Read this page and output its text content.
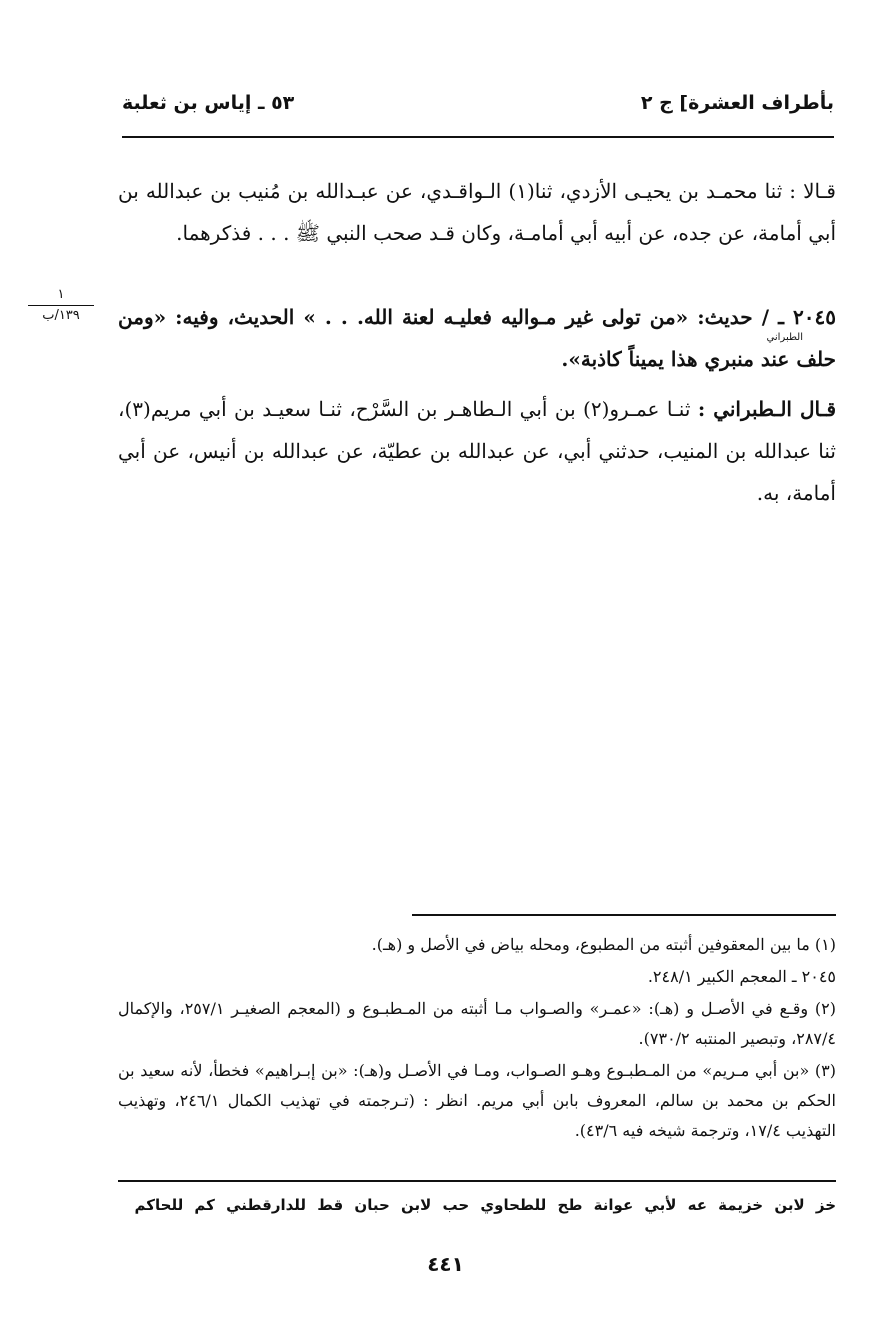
بأطراف العشرة] ج ٢
٥٣ ـ إياس بن ثعلبة
قـالا : ثنا محمـد بن يحيـى الأزدي، ثنا(١) الـواقـدي، عن عبـدالله بن مُنيب بن عبدالله بن أبي أمامة، عن جده، عن أبيه أبي أمامـة، وكان قـد صحب النبي ﷺ . . . فذكرهما.
٢٠٤٥ ـ / حديث: «من تولى غير مـواليه فعليـه لعنة الله. . . » الحديث، وفيه: «ومن حلف عند منبري هذا يميناً كاذبة».
الطبراني
١
١٣٩/ب
قـال الـطبراني : ثنـا عمـرو(٢) بن أبي الـطاهـر بن السَّرْح، ثنـا سعيـد بن أبي مريم(٣)، ثنا عبدالله بن المنيب، حدثني أبي، عن عبدالله بن عطيّة، عن عبدالله بن أنيس، عن أبي أمامة، به.

(١) ما بين المعقوفين أثبته من المطبوع، ومحله بياض في الأصل و (هـ).

٢٠٤٥ ـ المعجم الكبير ٢٤٨/١.

(٢) وقـع في الأصـل و (هـ): «عمـر» والصـواب مـا أثبته من المـطبـوع و (المعجم الصغيـر ٢٥٧/١، والإكمال ٢٨٧/٤، وتبصير المنتبه ٧٣٠/٢).

(٣) «بن أبي مـريم» من المـطبـوع وهـو الصـواب، ومـا في الأصـل و(هـ): «بن إبـراهيم» فخطأ، لأنه سعيد بن الحكم بن محمد بن سالم، المعروف بابن أبي مريم. انظر : (تـرجمته في تهذيب الكمال ٢٤٦/١، وتهذيب التهذيب ١٧/٤، وترجمة شيخه فيه ٤٣/٦).

خز لابن خزيمة عه لأبي عوانة طح للطحاوي حب لابن حبان قط للدارقطني كم للحاكم
٤٤١
